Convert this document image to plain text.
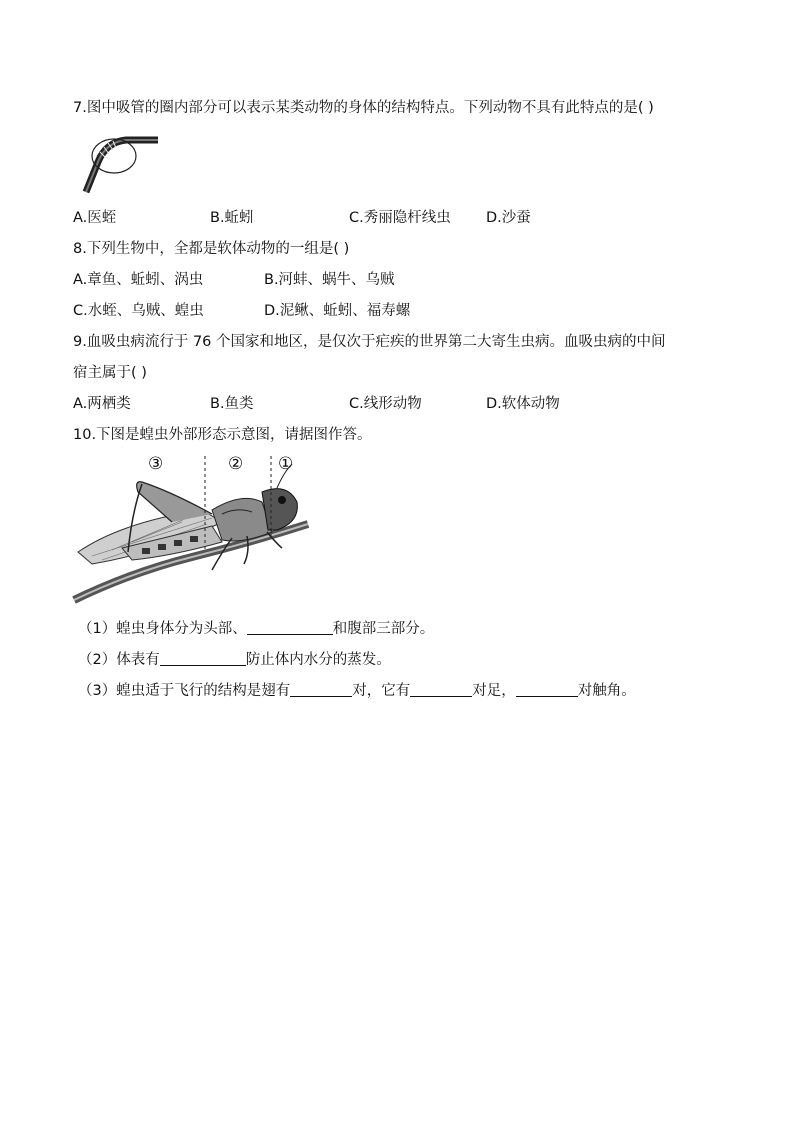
7.图中吸管的圈内部分可以表示某类动物的身体的结构特点。下列动物不具有此特点的是( )
A.医蛭	B.蚯蚓	C.秀丽隐杆线虫 D.沙蚕
8.下列生物中，全都是软体动物的一组是( )
A.章鱼、蚯蚓、涡虫	B.河蚌、蜗牛、乌贼
C.水蛭、乌贼、蝗虫	D.泥鳅、蚯蚓、福寿螺
9.血吸虫病流行于 76 个国家和地区，是仅次于疟疾的世界第二大寄生虫病。血吸虫病的中间
宿主属于( )
A.两栖类	B.鱼类	C.线形动物	D.软体动物
10.下图是蝗虫外部形态示意图，请据图作答。
③	② ①
（1）蝗虫身体分为头部、	和腹部三部分。
（2）体表有	防止体内水分的蒸发。
（3）蝗虫适于飞行的结构是翅有	对，它有	对足，	对触角。
